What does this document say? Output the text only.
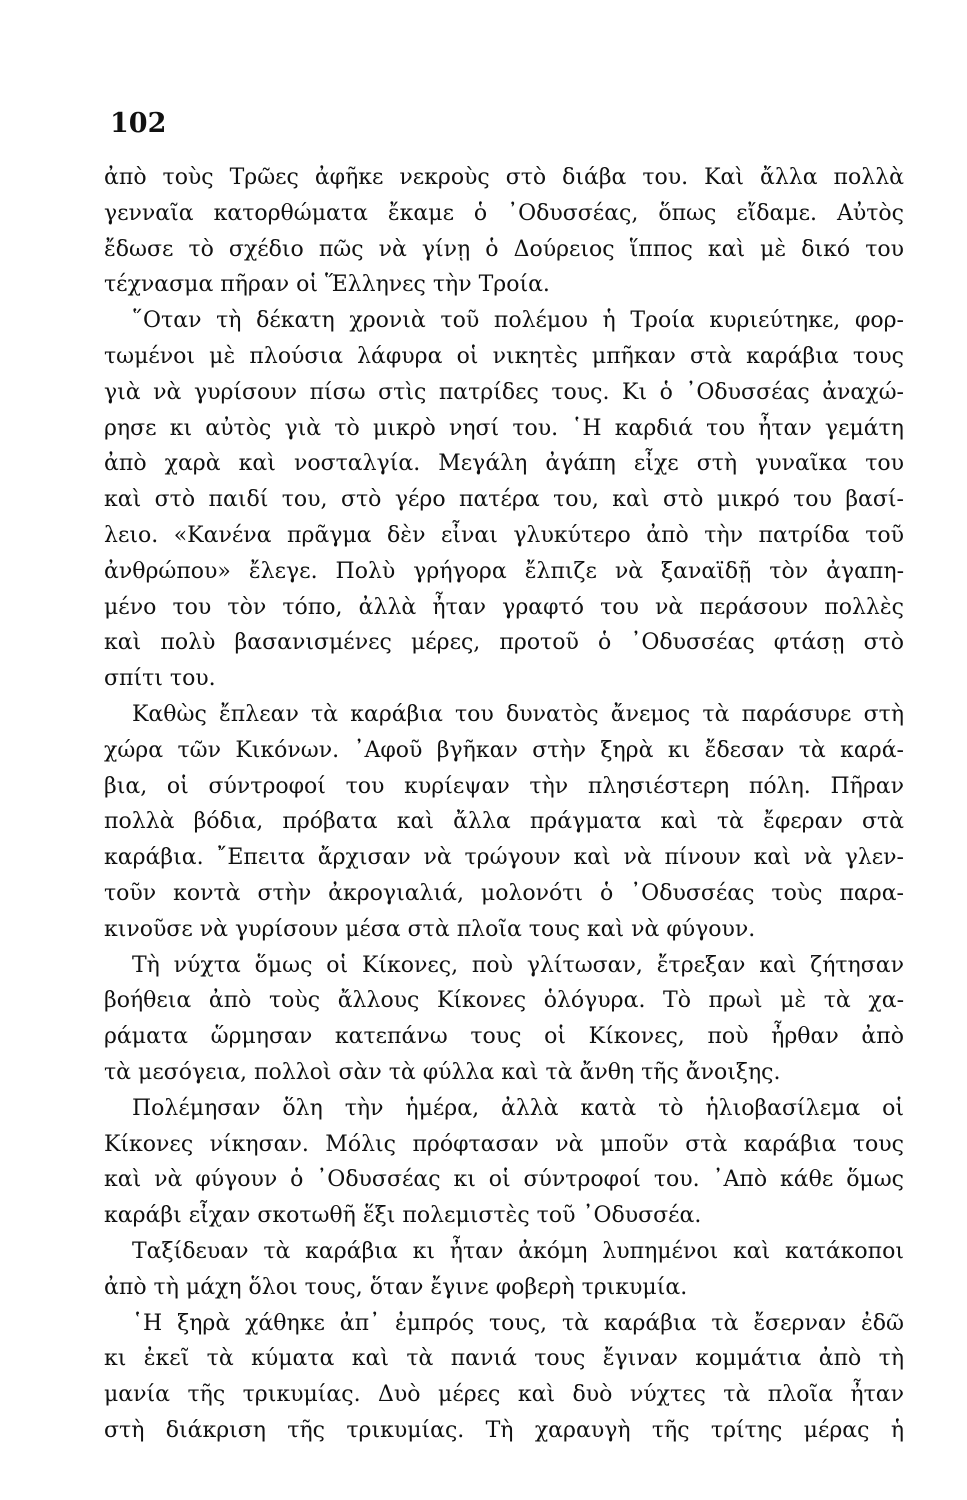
102
ἀπὸ τοὺς Τρῶες ἀφῆκε νεκροὺς στὸ διάβα του. Καὶ ἄλλα πολλὰ
γενναῖα κατορθώματα ἔκαμε ὁ ᾿Οδυσσέας, ὅπως εἴδαμε. Αὐτὸς
ἔδωσε τὸ σχέδιο πῶς νὰ γίνῃ ὁ Δούρειος ἵππος καὶ μὲ δικό του
τέχνασμα πῆραν οἱ Ἕλληνες τὴν Τροία.
῞Οταν τὴ δέκατη χρονιὰ τοῦ πολέμου ἡ Τροία κυριεύτηκε, φορ-
τωμένοι μὲ πλούσια λάφυρα οἱ νικητὲς μπῆκαν στὰ καράβια τους
γιὰ νὰ γυρίσουν πίσω στὶς πατρίδες τους. Κι ὁ ᾿Οδυσσέας ἀναχώ-
ρησε κι αὐτὸς γιὰ τὸ μικρὸ νησί του. ῾Η καρδιά του ἦταν γεμάτη
ἀπὸ χαρὰ καὶ νοσταλγία. Μεγάλη ἀγάπη εἶχε στὴ γυναῖκα του
καὶ στὸ παιδί του, στὸ γέρο πατέρα του, καὶ στὸ μικρό του βασί-
λειο. «Κανένα πρᾶγμα δὲν εἶναι γλυκύτερο ἀπὸ τὴν πατρίδα τοῦ
ἀνθρώπου» ἔλεγε. Πολὺ γρήγορα ἔλπιζε νὰ ξαναϊδῇ τὸν ἀγαπη-
μένο του τὸν τόπο, ἀλλὰ ἦταν γραφτό του νὰ περάσουν πολλὲς
καὶ πολὺ βασανισμένες μέρες, προτοῦ ὁ ᾿Οδυσσέας φτάσῃ στὸ
σπίτι του.
Καθὼς ἔπλεαν τὰ καράβια του δυνατὸς ἄνεμος τὰ παράσυρε στὴ
χώρα τῶν Κικόνων. ᾿Αφοῦ βγῆκαν στὴν ξηρὰ κι ἔδεσαν τὰ καρά-
βια, οἱ σύντροφοί του κυρίεψαν τὴν πλησιέστερη πόλη. Πῆραν
πολλὰ βόδια, πρόβατα καὶ ἄλλα πράγματα καὶ τὰ ἔφεραν στὰ
καράβια. ῎Επειτα ἄρχισαν νὰ τρώγουν καὶ νὰ πίνουν καὶ νὰ γλεν-
τοῦν κοντὰ στὴν ἀκρογιαλιά, μολονότι ὁ ᾿Οδυσσέας τοὺς παρα-
κινοῦσε νὰ γυρίσουν μέσα στὰ πλοῖα τους καὶ νὰ φύγουν.
Τὴ νύχτα ὅμως οἱ Κίκονες, ποὺ γλίτωσαν, ἔτρεξαν καὶ ζήτησαν
βοήθεια ἀπὸ τοὺς ἄλλους Κίκονες ὁλόγυρα. Τὸ πρωὶ μὲ τὰ χα-
ράματα ὥρμησαν κατεπάνω τους οἱ Κίκονες, ποὺ ἦρθαν ἀπὸ
τὰ μεσόγεια, πολλοὶ σὰν τὰ φύλλα καὶ τὰ ἄνθη τῆς ἄνοιξης.
Πολέμησαν ὅλη τὴν ἡμέρα, ἀλλὰ κατὰ τὸ ἡλιοβασίλεμα οἱ
Κίκονες νίκησαν. Μόλις πρόφτασαν νὰ μποῦν στὰ καράβια τους
καὶ νὰ φύγουν ὁ ᾿Οδυσσέας κι οἱ σύντροφοί του. ᾿Απὸ κάθε ὅμως
καράβι εἶχαν σκοτωθῆ ἕξι πολεμιστὲς τοῦ ᾿Οδυσσέα.
Ταξίδευαν τὰ καράβια κι ἦταν ἀκόμη λυπημένοι καὶ κατάκοποι
ἀπὸ τὴ μάχη ὅλοι τους, ὅταν ἔγινε φοβερὴ τρικυμία.
῾Η ξηρὰ χάθηκε ἀπ᾿ ἐμπρός τους, τὰ καράβια τὰ ἔσερναν ἐδῶ
κι ἐκεῖ τὰ κύματα καὶ τὰ πανιά τους ἔγιναν κομμάτια ἀπὸ τὴ
μανία τῆς τρικυμίας. Δυὸ μέρες καὶ δυὸ νύχτες τὰ πλοῖα ἦταν
στὴ διάκριση τῆς τρικυμίας. Τὴ χαραυγὴ τῆς τρίτης μέρας ἡ
